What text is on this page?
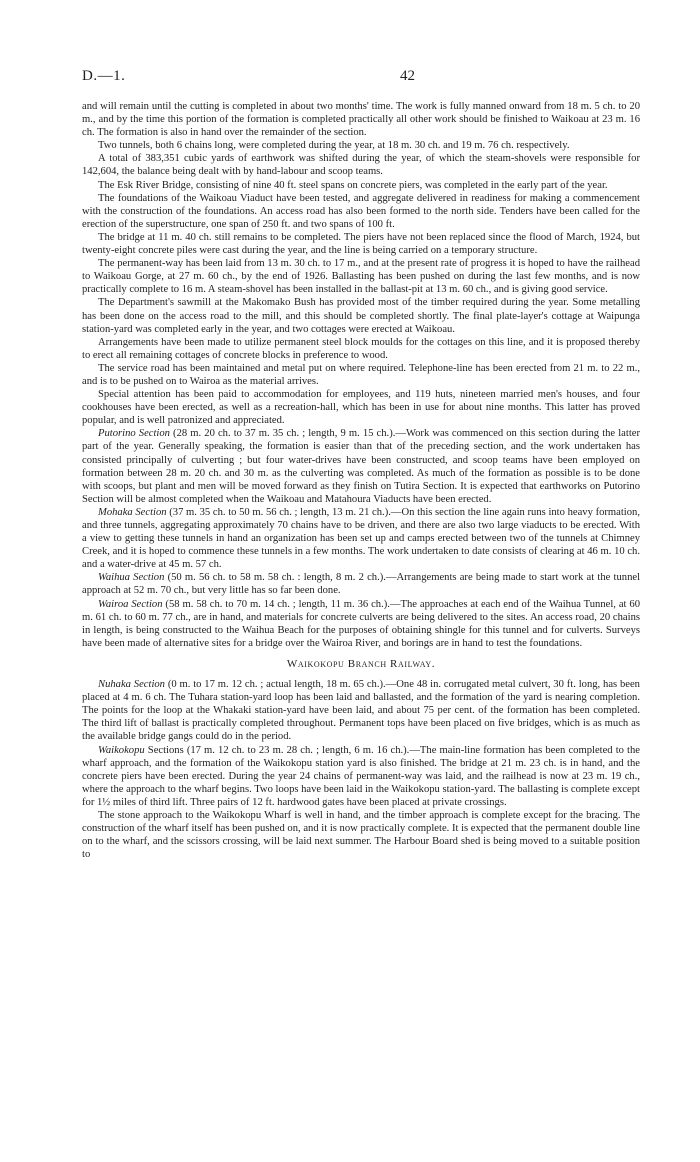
D.—1.	42

and will remain until the cutting is completed in about two months' time. The work is fully manned onward from 18 m. 5 ch. to 20 m., and by the time this portion of the formation is completed practically all other work should be finished to Waikoau at 23 m. 16 ch. The formation is also in hand over the remainder of the section.

Two tunnels, both 6 chains long, were completed during the year, at 18 m. 30 ch. and 19 m. 76 ch. respectively.

A total of 383,351 cubic yards of earthwork was shifted during the year, of which the steam-shovels were responsible for 142,604, the balance being dealt with by hand-labour and scoop teams.

The Esk River Bridge, consisting of nine 40 ft. steel spans on concrete piers, was completed in the early part of the year.

The foundations of the Waikoau Viaduct have been tested, and aggregate delivered in readiness for making a commencement with the construction of the foundations. An access road has also been formed to the north side. Tenders have been called for the erection of the superstructure, one span of 250 ft. and two spans of 100 ft.

The bridge at 11 m. 40 ch. still remains to be completed. The piers have not been replaced since the flood of March, 1924, but twenty-eight concrete piles were cast during the year, and the line is being carried on a temporary structure.

The permanent-way has been laid from 13 m. 30 ch. to 17 m., and at the present rate of progress it is hoped to have the railhead to Waikoau Gorge, at 27 m. 60 ch., by the end of 1926. Ballasting has been pushed on during the last few months, and is now practically complete to 16 m. A steam-shovel has been installed in the ballast-pit at 13 m. 60 ch., and is giving good service.

The Department's sawmill at the Makomako Bush has provided most of the timber required during the year. Some metalling has been done on the access road to the mill, and this should be completed shortly. The final plate-layer's cottage at Waipunga station-yard was completed early in the year, and two cottages were erected at Waikoau.

Arrangements have been made to utilize permanent steel block moulds for the cottages on this line, and it is proposed thereby to erect all remaining cottages of concrete blocks in preference to wood.

The service road has been maintained and metal put on where required. Telephone-line has been erected from 21 m. to 22 m., and is to be pushed on to Wairoa as the material arrives.

Special attention has been paid to accommodation for employees, and 119 huts, nineteen married men's houses, and four cookhouses have been erected, as well as a recreation-hall, which has been in use for about nine months. This latter has proved popular, and is well patronized and appreciated.

Putorino Section (28 m. 20 ch. to 37 m. 35 ch. ; length, 9 m. 15 ch.).—Work was commenced on this section during the latter part of the year. Generally speaking, the formation is easier than that of the preceding section, and the work undertaken has consisted principally of culverting ; but four water-drives have been constructed, and scoop teams have been employed on formation between 28 m. 20 ch. and 30 m. as the culverting was completed. As much of the formation as possible is to be done with scoops, but plant and men will be moved forward as they finish on Tutira Section. It is expected that earthworks on Putorino Section will be almost completed when the Waikoau and Matahoura Viaducts have been erected.

Mohaka Section (37 m. 35 ch. to 50 m. 56 ch. ; length, 13 m. 21 ch.).—On this section the line again runs into heavy formation, and three tunnels, aggregating approximately 70 chains have to be driven, and there are also two large viaducts to be erected. With a view to getting these tunnels in hand an organization has been set up and camps erected between two of the tunnels at Chimney Creek, and it is hoped to commence these tunnels in a few months. The work undertaken to date consists of clearing at 46 m. 10 ch. and a water-drive at 45 m. 57 ch.

Waihua Section (50 m. 56 ch. to 58 m. 58 ch. : length, 8 m. 2 ch.).—Arrangements are being made to start work at the tunnel approach at 52 m. 70 ch., but very little has so far been done.

Wairoa Section (58 m. 58 ch. to 70 m. 14 ch. ; length, 11 m. 36 ch.).—The approaches at each end of the Waihua Tunnel, at 60 m. 61 ch. to 60 m. 77 ch., are in hand, and materials for concrete culverts are being delivered to the sites. An access road, 20 chains in length, is being constructed to the Waihua Beach for the purposes of obtaining shingle for this tunnel and for culverts. Surveys have been made of alternative sites for a bridge over the Wairoa River, and borings are in hand to test the foundations.

Waikokopu Branch Railway.

Nuhaka Section (0 m. to 17 m. 12 ch. ; actual length, 18 m. 65 ch.).—One 48 in. corrugated metal culvert, 30 ft. long, has been placed at 4 m. 6 ch. The Tuhara station-yard loop has been laid and ballasted, and the formation of the yard is nearing completion. The points for the loop at the Whakaki station-yard have been laid, and about 75 per cent. of the formation has been completed. The third lift of ballast is practically completed throughout. Permanent tops have been placed on five bridges, which is as much as the available bridge gangs could do in the period.

Waikokopu Sections (17 m. 12 ch. to 23 m. 28 ch. ; length, 6 m. 16 ch.).—The main-line formation has been completed to the wharf approach, and the formation of the Waikokopu station yard is also finished. The bridge at 21 m. 23 ch. is in hand, and the concrete piers have been erected. During the year 24 chains of permanent-way was laid, and the railhead is now at 23 m. 19 ch., where the approach to the wharf begins. Two loops have been laid in the Waikokopu station-yard. The ballasting is complete except for 1½ miles of third lift. Three pairs of 12 ft. hardwood gates have been placed at private crossings.

The stone approach to the Waikokopu Wharf is well in hand, and the timber approach is complete except for the bracing. The construction of the wharf itself has been pushed on, and it is now practically complete. It is expected that the permanent double line on to the wharf, and the scissors crossing, will be laid next summer. The Harbour Board shed is being moved to a suitable position to
